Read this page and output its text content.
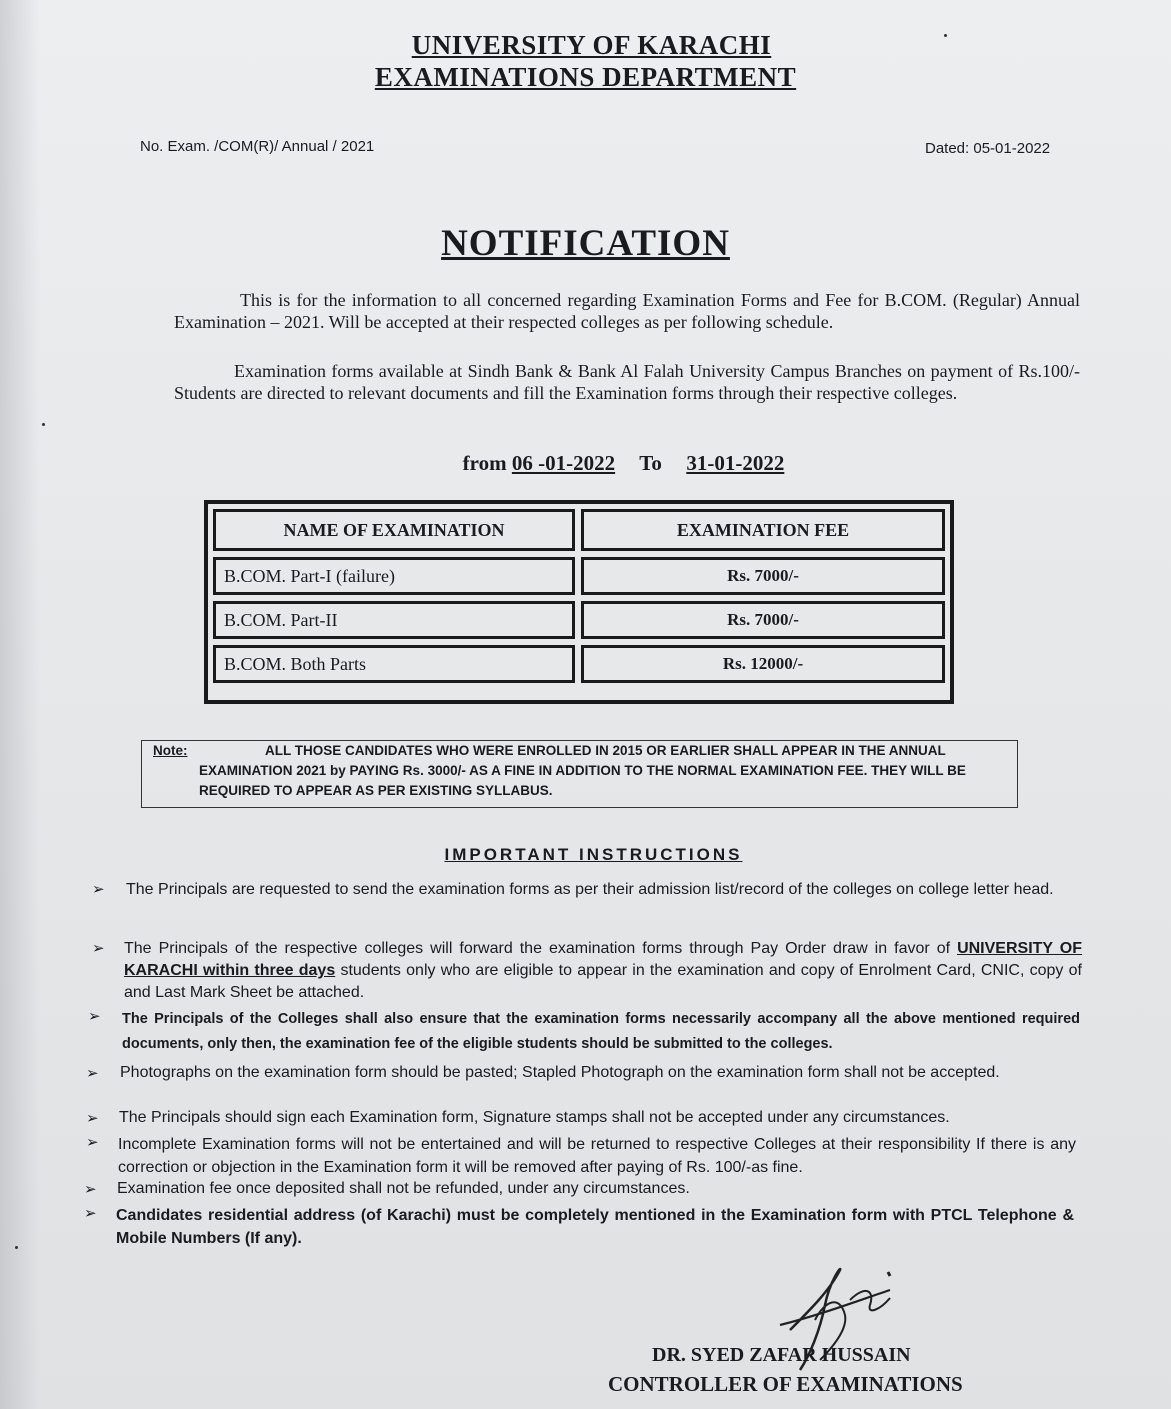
UNIVERSITY OF KARACHI
EXAMINATIONS DEPARTMENT
No. Exam. /COM(R)/ Annual / 2021	Dated: 05-01-2022
NOTIFICATION
This is for the information to all concerned regarding Examination Forms and Fee for B.COM. (Regular) Annual Examination – 2021. Will be accepted at their respected colleges as per following schedule.
Examination forms available at Sindh Bank & Bank Al Falah University Campus Branches on payment of Rs.100/- Students are directed to relevant documents and fill the Examination forms through their respective colleges.
from 06 -01-2022 To 31-01-2022
NAME OF EXAMINATION	EXAMINATION FEE
B.COM. Part-I (failure)	Rs. 7000/-
B.COM. Part-II	Rs. 7000/-
B.COM. Both Parts	Rs. 12000/-
Note:	ALL THOSE CANDIDATES WHO WERE ENROLLED IN 2015 OR EARLIER SHALL APPEAR IN THE ANNUAL EXAMINATION 2021 by PAYING Rs. 3000/- AS A FINE IN ADDITION TO THE NORMAL EXAMINATION FEE. THEY WILL BE REQUIRED TO APPEAR AS PER EXISTING SYLLABUS.
IMPORTANT INSTRUCTIONS
➢ The Principals are requested to send the examination forms as per their admission list/record of the colleges on college letter head.
➢ The Principals of the respective colleges will forward the examination forms through Pay Order draw in favor of UNIVERSITY OF KARACHI within three days students only who are eligible to appear in the examination and copy of Enrolment Card, CNIC, copy of and Last Mark Sheet be attached.
➢ The Principals of the Colleges shall also ensure that the examination forms necessarily accompany all the above mentioned required documents, only then, the examination fee of the eligible students should be submitted to the colleges.
➢ Photographs on the examination form should be pasted; Stapled Photograph on the examination form shall not be accepted.
➢ The Principals should sign each Examination form, Signature stamps shall not be accepted under any circumstances.
➢ Incomplete Examination forms will not be entertained and will be returned to respective Colleges at their responsibility If there is any correction or objection in the Examination form it will be removed after paying of Rs. 100/-as fine.
➢ Examination fee once deposited shall not be refunded, under any circumstances.
➢ Candidates residential address (of Karachi) must be completely mentioned in the Examination form with PTCL Telephone & Mobile Numbers (If any).
DR. SYED ZAFAR HUSSAIN
CONTROLLER OF EXAMINATIONS
